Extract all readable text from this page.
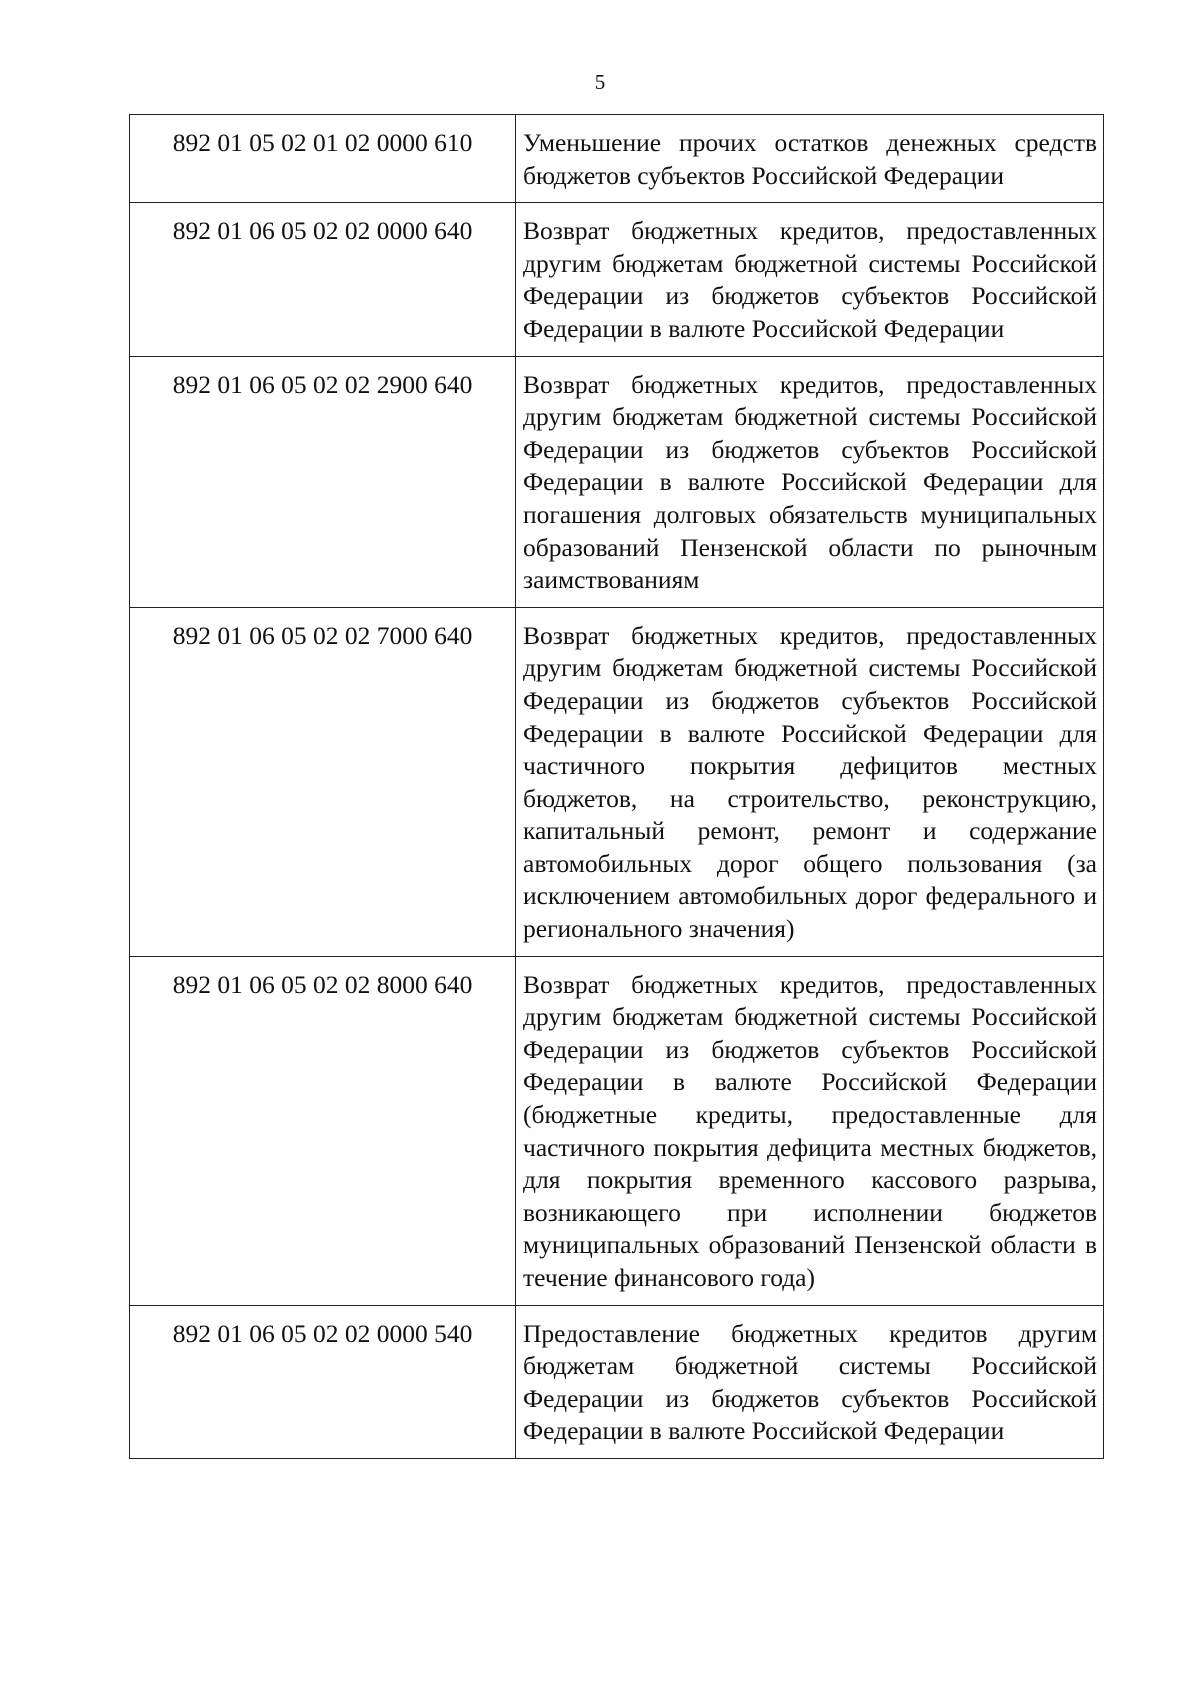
5
892 01 05 02 01 02 0000 610	Уменьшение прочих остатков денежных средств бюджетов субъектов Российской Федерации
892 01 06 05 02 02 0000 640	Возврат бюджетных кредитов, предоставленных другим бюджетам бюджетной системы Российской Федерации из бюджетов субъектов Российской Федерации в валюте Российской Федерации
892 01 06 05 02 02 2900 640	Возврат бюджетных кредитов, предоставленных другим бюджетам бюджетной системы Российской Федерации из бюджетов субъектов Российской Федерации в валюте Российской Федерации для погашения долговых обязательств муниципальных образований Пензенской области по рыночным заимствованиям
892 01 06 05 02 02 7000 640	Возврат бюджетных кредитов, предоставленных другим бюджетам бюджетной системы Российской Федерации из бюджетов субъектов Российской Федерации в валюте Российской Федерации для частичного покрытия дефицитов местных бюджетов, на строительство, реконструкцию, капитальный ремонт, ремонт и содержание автомобильных дорог общего пользования (за исключением автомобильных дорог федерального и регионального значения)
892 01 06 05 02 02 8000 640	Возврат бюджетных кредитов, предоставленных другим бюджетам бюджетной системы Российской Федерации из бюджетов субъектов Российской Федерации в валюте Российской Федерации (бюджетные кредиты, предоставленные для частичного покрытия дефицита местных бюджетов, для покрытия временного кассового разрыва, возникающего при исполнении бюджетов муниципальных образований Пензенской области в течение финансового года)
892 01 06 05 02 02 0000 540	Предоставление бюджетных кредитов другим бюджетам бюджетной системы Российской Федерации из бюджетов субъектов Российской Федерации в валюте Российской Федерации
